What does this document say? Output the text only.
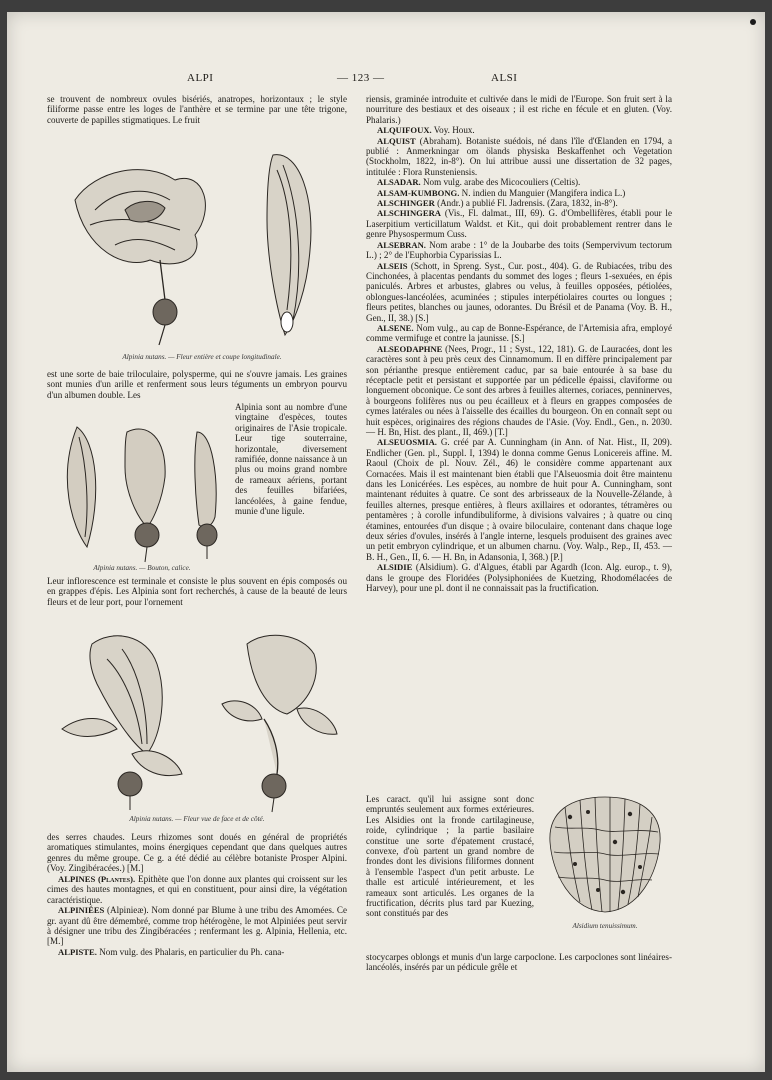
ALPI	— 123 —	ALSI

se trouvent de nombreux ovules bisériés, anatropes, horizontaux ; le style filiforme passe entre les loges de l'anthère et se termine par une tête trigone, couverte de papilles stigmatiques. Le fruit

Alpinia nutans. — Fleur entière et coupe longitudinale.

est une sorte de baie triloculaire, polysperme, qui ne s'ouvre jamais. Les graines sont munies d'un arille et renferment sous leurs téguments un embryon pourvu d'un albumen double. Les

Alpinia nutans. — Bouton, calice.
Alpinia sont au nombre d'une vingtaine d'espèces, toutes originaires de l'Asie tropicale. Leur tige souterraine, horizontale, diversement ramifiée, donne naissance à un plus ou moins grand nombre de rameaux aériens, portant des feuilles bifariées, lancéolées, à gaine fendue, munie d'une ligule.

Leur inflorescence est terminale et consiste le plus souvent en épis composés ou en grappes d'épis. Les Alpinia sont fort recherchés, à cause de la beauté de leurs fleurs et de leur port, pour l'ornement

Alpinia nutans. — Fleur vue de face et de côté.

des serres chaudes. Leurs rhizomes sont doués en général de propriétés aromatiques stimulantes, moins énergiques cependant que dans quelques autres genres du même groupe. Ce g. a été dédié au célèbre botaniste Prosper Alpini. (Voy. Zingibéracées.) [M.]

ALPINES (Plantes). Epithète que l'on donne aux plantes qui croissent sur les cimes des hautes montagnes, et qui en constituent, pour ainsi dire, la végétation caractéristique.

ALPINIÉES (Alpinieæ). Nom donné par Blume à une tribu des Amomées. Ce gr. ayant dû être démembré, comme trop hétérogène, le mot Alpiniées peut servir à désigner une tribu des Zingibéracées ; renfermant les g. Alpinia, Hellenia, etc. [M.]

ALPISTE. Nom vulg. des Phalaris, en particulier du Ph. cana-

riensis, graminée introduite et cultivée dans le midi de l'Europe. Son fruit sert à la nourriture des bestiaux et des oiseaux ; il est riche en fécule et en gluten. (Voy. Phalaris.)

ALQUIFOUX. Voy. Houx.

ALQUIST (Abraham). Botaniste suédois, né dans l'île d'Œlanden en 1794, a publié : Anmerkningar om ölands physiska Beskaffenhet och Vegetation (Stockholm, 1822, in-8°). On lui attribue aussi une dissertation de 32 pages, intitulée : Flora Runsteniensis.

ALSADAR. Nom vulg. arabe des Micocouliers (Celtis).

ALSAM-KUMBONG. N. indien du Manguier (Mangifera indica L.)

ALSCHINGER (Andr.) a publié Fl. Jadrensis. (Zara, 1832, in-8°).

ALSCHINGERA (Vis., Fl. dalmat., III, 69). G. d'Ombellifères, établi pour le Laserpitium verticillatum Waldst. et Kit., qui doit probablement rentrer dans le genre Physospermum Cuss.

ALSEBRAN. Nom arabe : 1° de la Joubarbe des toits (Sempervivum tectorum L.) ; 2° de l'Euphorbia Cyparissias L.

ALSEIS (Schott, in Spreng. Syst., Cur. post., 404). G. de Rubiacées, tribu des Cinchonées, à placentas pendants du sommet des loges ; fleurs 1-sexuées, en épis paniculés. Arbres et arbustes, glabres ou velus, à feuilles opposées, pétiolées, oblongues-lancéolées, acuminées ; stipules interpétiolaires courtes ou longues ; fleurs petites, blanches ou jaunes, odorantes. Du Brésil et de Panama (Voy. B. H., Gen., II, 38.) [S.]

ALSENE. Nom vulg., au cap de Bonne-Espérance, de l'Artemisia afra, employé comme vermifuge et contre la jaunisse. [S.]

ALSEODAPHNE (Nees, Progr., 11 ; Syst., 122, 181). G. de Lauracées, dont les caractères sont à peu près ceux des Cinnamomum. Il en diffère principalement par son périanthe presque entièrement caduc, par sa baie entourée à sa base du réceptacle petit et persistant et supportée par un pédicelle épaissi, claviforme ou longuement obconique. Ce sont des arbres à feuilles alternes, coriaces, penninerves, à bourgeons folifères nus ou peu écailleux et à fleurs en grappes composées de cymes latérales ou nées à l'aisselle des écailles du bourgeon. On en connaît sept ou huit espèces, originaires des régions chaudes de l'Asie. (Voy. Endl., Gen., n. 2030. — H. Bn, Hist. des plant., II, 469.) [T.]

ALSEUOSMIA. G. créé par A. Cunningham (in Ann. of Nat. Hist., II, 209). Endlicher (Gen. pl., Suppl. I, 1394) le donna comme Genus Lonicereis affine. M. Raoul (Choix de pl. Nouv. Zél., 46) le considère comme appartenant aux Cornacées. Mais il est maintenant bien établi que l'Alseuosmia doit être maintenu dans les Lonicérées. Les espèces, au nombre de huit pour A. Cunningham, sont maintenant réduites à quatre. Ce sont des arbrisseaux de la Nouvelle-Zélande, à feuilles alternes, presque entières, à fleurs axillaires et odorantes, tétramères ou pentamères ; à corolle infundibuliforme, à divisions valvaires ; à quatre ou cinq étamines, entourées d'un disque ; à ovaire biloculaire, contenant dans chaque loge deux séries d'ovules, insérés à l'angle interne, lesquels produisent des graines avec un petit embryon cylindrique, et un albumen charnu. (Voy. Walp., Rep., II, 453. — B. H., Gen., II, 6. — H. Bn, in Adansonia, I, 368.) [P.]

ALSIDIE (Alsidium). G. d'Algues, établi par Agardh (Icon. Alg. europ., t. 9), dans le groupe des Floridées (Polysiphoniées de Kuetzing, Rhodomélacées de Harvey), pour une pl. dont il ne connaissait pas la fructification.

Les caract. qu'il lui assigne sont donc empruntés seulement aux formes extérieures. Les Alsidies ont la fronde cartilagineuse, roide, cylindrique ; la partie basilaire constitue une sorte d'épatement crustacé, convexe, d'où partent un grand nombre de frondes dont les divisions filiformes donnent à l'ensemble l'aspect d'un petit arbuste. Le thalle est articulé intérieurement, et les rameaux sont articulés. Les organes de la fructification, décrits plus tard par Kuezing, sont constitués par des
Alsidium tenuissimum.

stocycarpes oblongs et munis d'un large carpoclone. Les carpoclones sont linéaires-lancéolés, insérés par un pédicule grêle et
